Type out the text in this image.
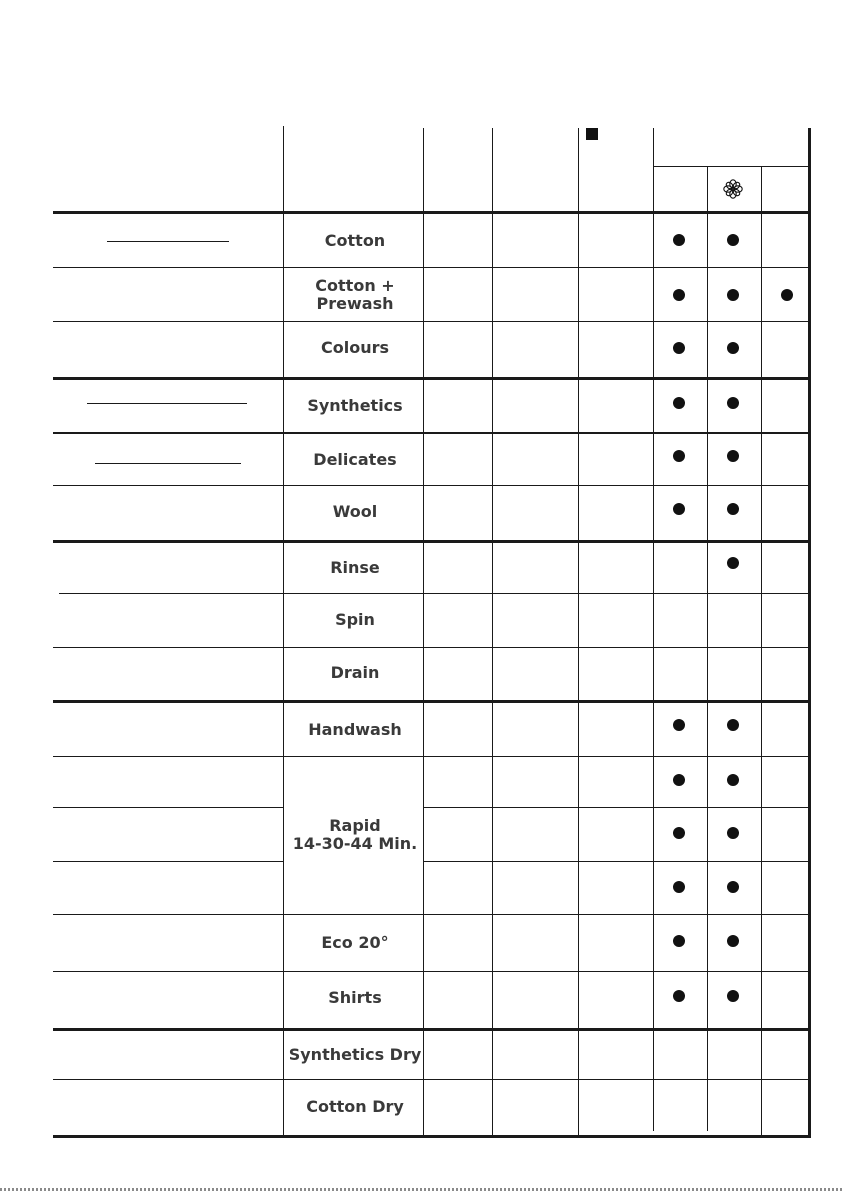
Cotton
Cotton +
Prewash
Colours
Synthetics
Delicates
Wool
Rinse
Spin
Drain
Handwash
Rapid
14-30-44 Min.
Eco 20°
Shirts
Synthetics Dry
Cotton Dry
